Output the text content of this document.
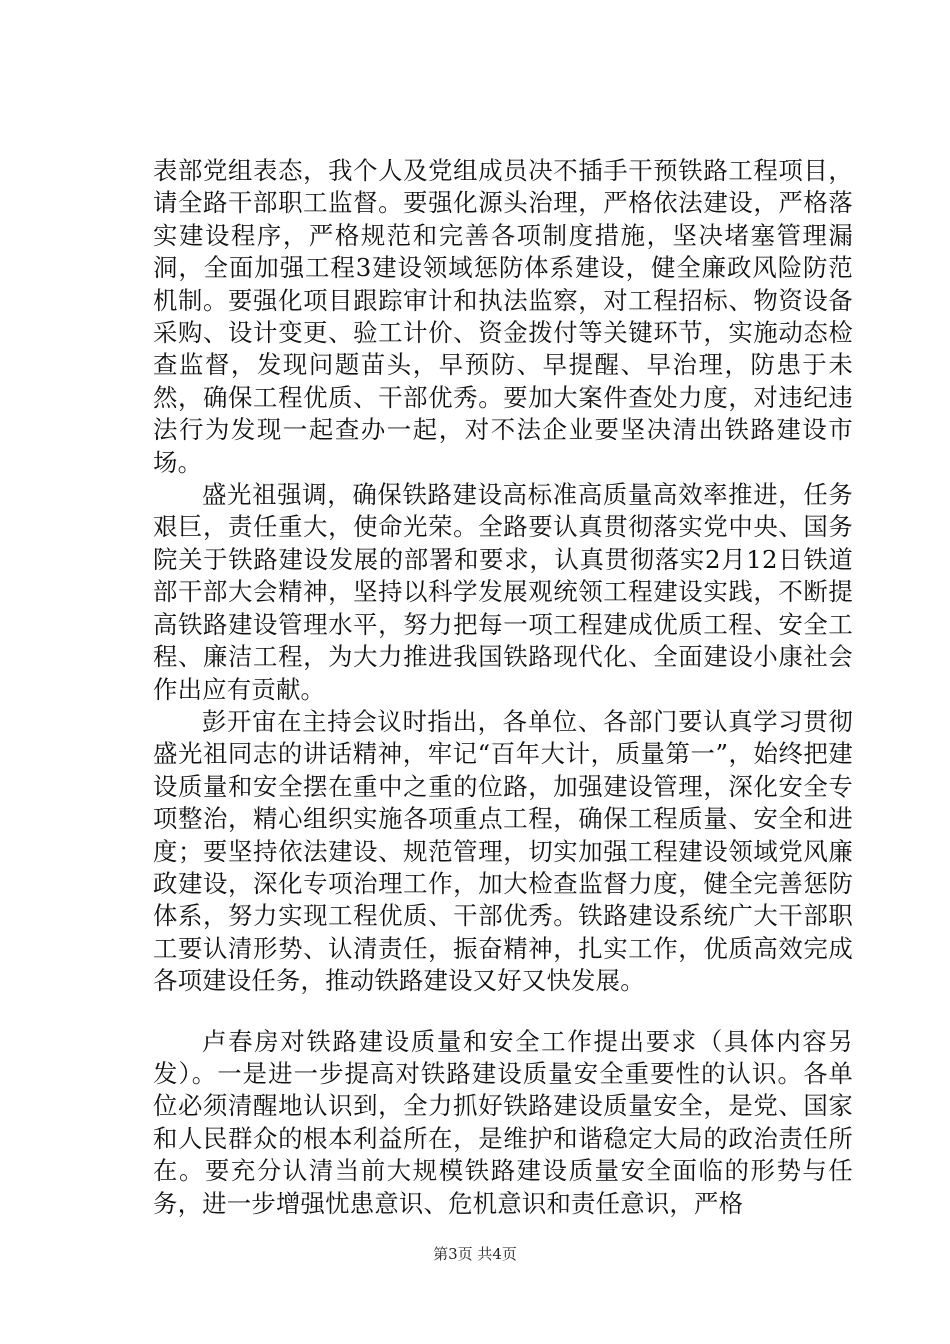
表部党组表态，我个人及党组成员决不插手干预铁路工程项目，请全路干部职工监督。要强化源头治理，严格依法建设，严格落实建设程序，严格规范和完善各项制度措施，坚决堵塞管理漏洞，全面加强工程3建设领域惩防体系建设，健全廉政风险防范机制。要强化项目跟踪审计和执法监察，对工程招标、物资设备采购、设计变更、验工计价、资金拨付等关键环节，实施动态检查监督，发现问题苗头，早预防、早提醒、早治理，防患于未然，确保工程优质、干部优秀。要加大案件查处力度，对违纪违法行为发现一起查办一起，对不法企业要坚决清出铁路建设市场。

盛光祖强调，确保铁路建设高标准高质量高效率推进，任务艰巨，责任重大，使命光荣。全路要认真贯彻落实党中央、国务院关于铁路建设发展的部署和要求，认真贯彻落实2月12日铁道部干部大会精神，坚持以科学发展观统领工程建设实践，不断提高铁路建设管理水平，努力把每一项工程建成优质工程、安全工程、廉洁工程，为大力推进我国铁路现代化、全面建设小康社会作出应有贡献。

彭开宙在主持会议时指出，各单位、各部门要认真学习贯彻盛光祖同志的讲话精神，牢记“百年大计，质量第一”，始终把建设质量和安全摆在重中之重的位路，加强建设管理，深化安全专项整治，精心组织实施各项重点工程，确保工程质量、安全和进度；要坚持依法建设、规范管理，切实加强工程建设领域党风廉政建设，深化专项治理工作，加大检查监督力度，健全完善惩防体系，努力实现工程优质、干部优秀。铁路建设系统广大干部职工要认清形势、认清责任，振奋精神，扎实工作，优质高效完成各项建设任务，推动铁路建设又好又快发展。

卢春房对铁路建设质量和安全工作提出要求（具体内容另发）。一是进一步提高对铁路建设质量安全重要性的认识。各单位必须清醒地认识到，全力抓好铁路建设质量安全，是党、国家和人民群众的根本利益所在，是维护和谐稳定大局的政治责任所在。要充分认清当前大规模铁路建设质量安全面临的形势与任务，进一步增强忧患意识、危机意识和责任意识，严格

第3页 共4页
